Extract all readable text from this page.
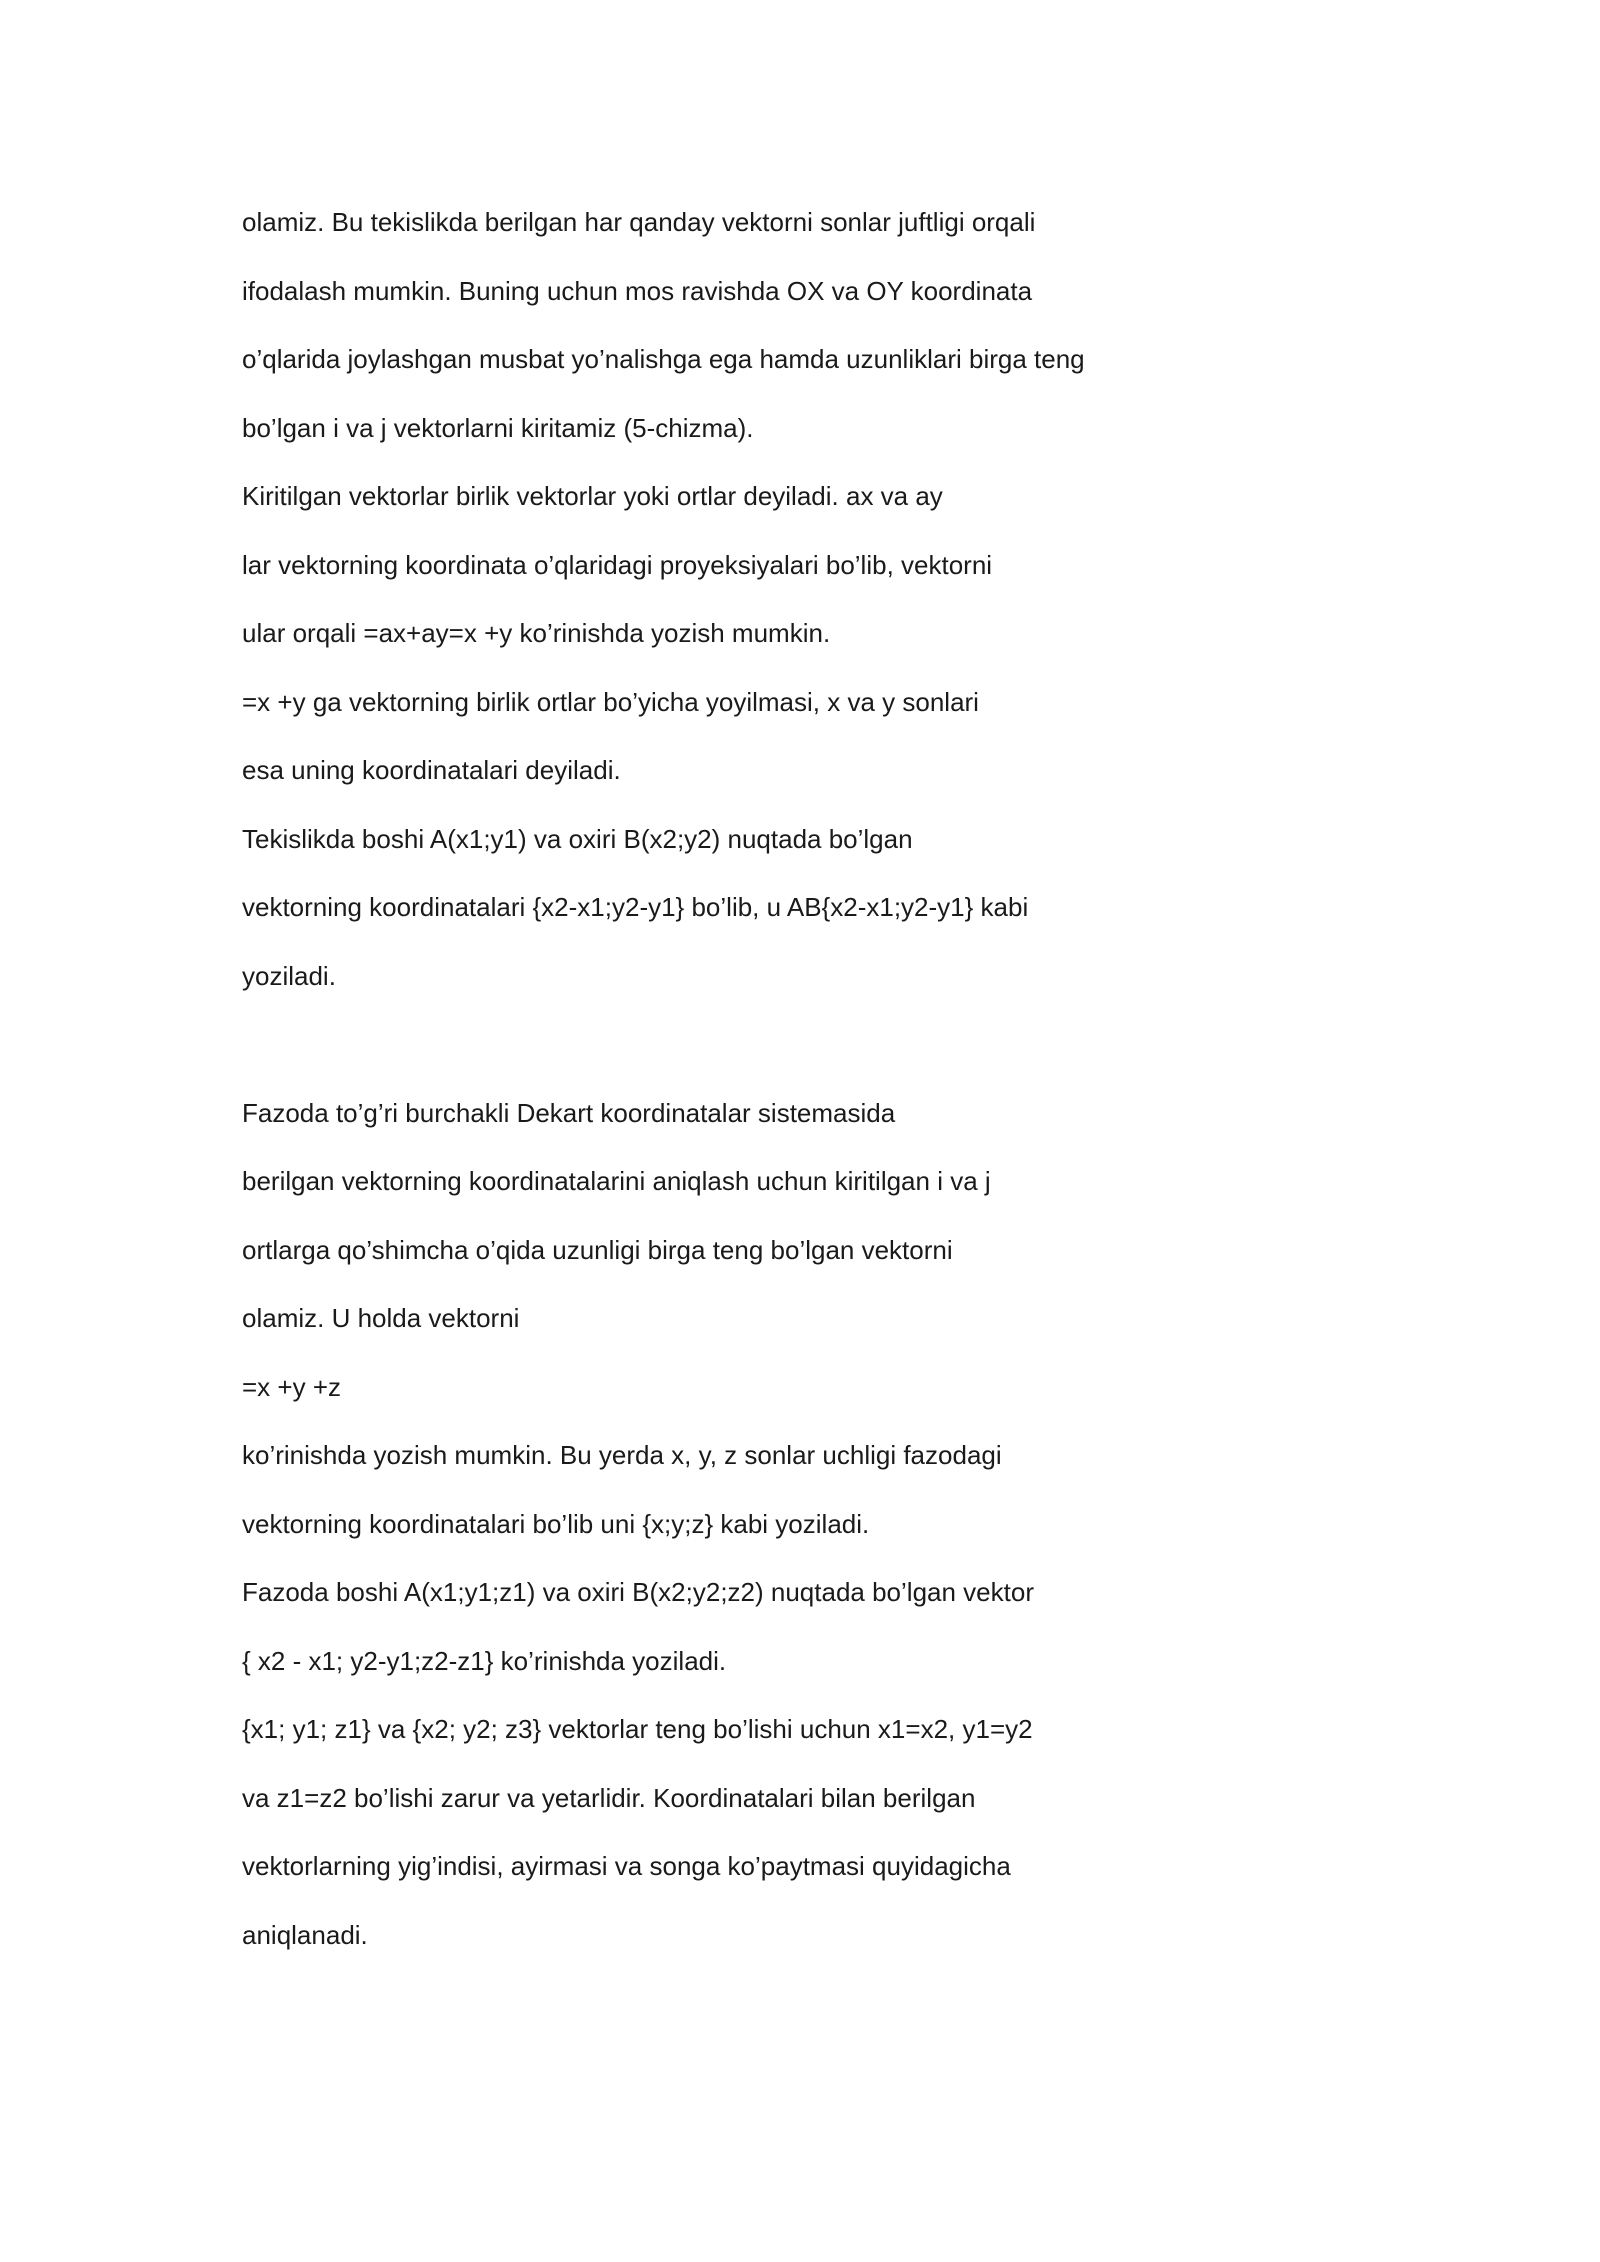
olamiz. Bu tekislikda berilgan har qanday vektorni sonlar juftligi orqali
ifodalash mumkin. Buning uchun mos ravishda OX va OY koordinata
o’qlarida joylashgan musbat yo’nalishga ega hamda uzunliklari birga teng
bo’lgan i va j vektorlarni kiritamiz (5-chizma).
Kiritilgan vektorlar birlik vektorlar yoki ortlar deyiladi. ax va ay
lar vektorning koordinata o’qlaridagi proyeksiyalari bo’lib, vektorni
ular orqali =ax+ay=x +y ko’rinishda yozish mumkin.
=x +y ga vektorning birlik ortlar bo’yicha yoyilmasi, x va y sonlari
esa uning koordinatalari deyiladi.
Tekislikda boshi A(x1;y1) va oxiri B(x2;y2) nuqtada bo’lgan
vektorning koordinatalari {x2-x1;y2-y1} bo’lib, u AB{x2-x1;y2-y1} kabi
yoziladi.
Fazoda to’g’ri burchakli Dekart koordinatalar sistemasida
berilgan vektorning koordinatalarini aniqlash uchun kiritilgan i va j
ortlarga qo’shimcha o’qida uzunligi birga teng bo’lgan vektorni
olamiz. U holda vektorni
=x +y +z
ko’rinishda yozish mumkin. Bu yerda x, y, z sonlar uchligi fazodagi
vektorning koordinatalari bo’lib uni {x;y;z} kabi yoziladi.
Fazoda boshi A(x1;y1;z1) va oxiri B(x2;y2;z2) nuqtada bo’lgan vektor
{ x2 - x1; y2-y1;z2-z1} ko’rinishda yoziladi.
{x1; y1; z1} va {x2; y2; z3} vektorlar teng bo’lishi uchun x1=x2, y1=y2
va z1=z2 bo’lishi zarur va yetarlidir. Koordinatalari bilan berilgan
vektorlarning yig’indisi, ayirmasi va songa ko’paytmasi quyidagicha
aniqlanadi.
